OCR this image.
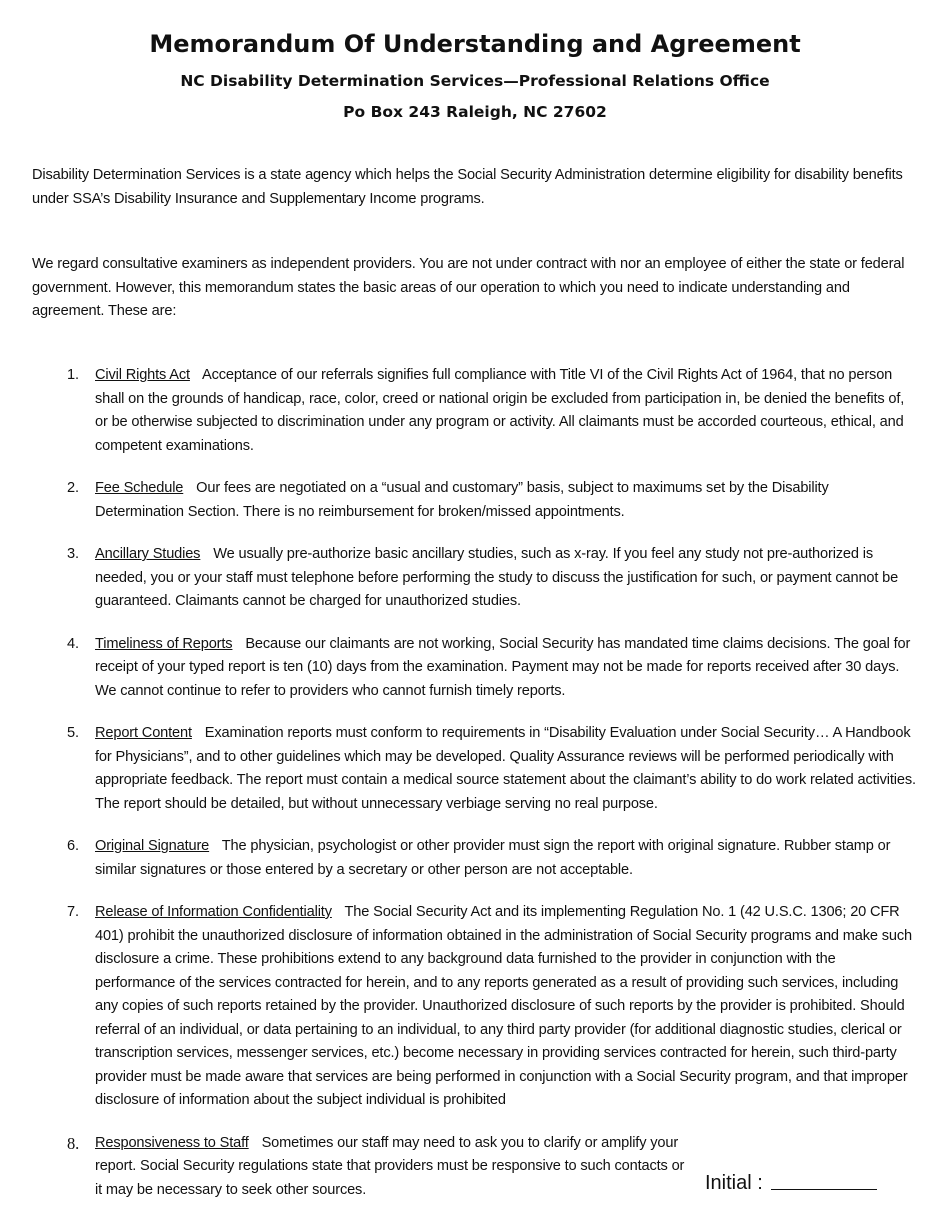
Memorandum Of Understanding and Agreement
NC Disability Determination Services—Professional Relations Office
Po Box 243 Raleigh, NC 27602

Disability Determination Services is a state agency which helps the Social Security Administration determine eligibility for disability benefits under SSA’s Disability Insurance and Supplementary Income programs.

We regard consultative examiners as independent providers. You are not under contract with nor an employee of either the state or federal government. However, this memorandum states the basic areas of our operation to which you need to indicate understanding and agreement. These are:

1. Civil Rights Act Acceptance of our referrals signifies full compliance with Title VI of the Civil Rights Act of 1964, that no person shall on the grounds of handicap, race, color, creed or national origin be excluded from participation in, be denied the benefits of, or be otherwise subjected to discrimination under any program or activity. All claimants must be accorded courteous, ethical, and competent examinations.
2. Fee Schedule Our fees are negotiated on a “usual and customary” basis, subject to maximums set by the Disability Determination Section. There is no reimbursement for broken/missed appointments.
3. Ancillary Studies We usually pre-authorize basic ancillary studies, such as x-ray. If you feel any study not pre-authorized is needed, you or your staff must telephone before performing the study to discuss the justification for such, or payment cannot be guaranteed. Claimants cannot be charged for unauthorized studies.
4. Timeliness of Reports Because our claimants are not working, Social Security has mandated time claims decisions. The goal for receipt of your typed report is ten (10) days from the examination. Payment may not be made for reports received after 30 days. We cannot continue to refer to providers who cannot furnish timely reports.
5. Report Content Examination reports must conform to requirements in “Disability Evaluation under Social Security… A Handbook for Physicians”, and to other guidelines which may be developed. Quality Assurance reviews will be performed periodically with appropriate feedback. The report must contain a medical source statement about the claimant’s ability to do work related activities. The report should be detailed, but without unnecessary verbiage serving no real purpose.
6. Original Signature The physician, psychologist or other provider must sign the report with original signature. Rubber stamp or similar signatures or those entered by a secretary or other person are not acceptable.
7. Release of Information Confidentiality The Social Security Act and its implementing Regulation No. 1 (42 U.S.C. 1306; 20 CFR 401) prohibit the unauthorized disclosure of information obtained in the administration of Social Security programs and make such disclosure a crime. These prohibitions extend to any background data furnished to the provider in conjunction with the performance of the services contracted for herein, and to any reports generated as a result of providing such services, including any copies of such reports retained by the provider. Unauthorized disclosure of such reports by the provider is prohibited. Should referral of an individual, or data pertaining to an individual, to any third party provider (for additional diagnostic studies, clerical or transcription services, messenger services, etc.) become necessary in providing services contracted for herein, such third-party provider must be made aware that services are being performed in conjunction with a Social Security program, and that improper disclosure of information about the subject individual is prohibited
8. Responsiveness to Staff Sometimes our staff may need to ask you to clarify or amplify your report. Social Security regulations state that providers must be responsive to such contacts or it may be necessary to seek other sources.	Initial :
